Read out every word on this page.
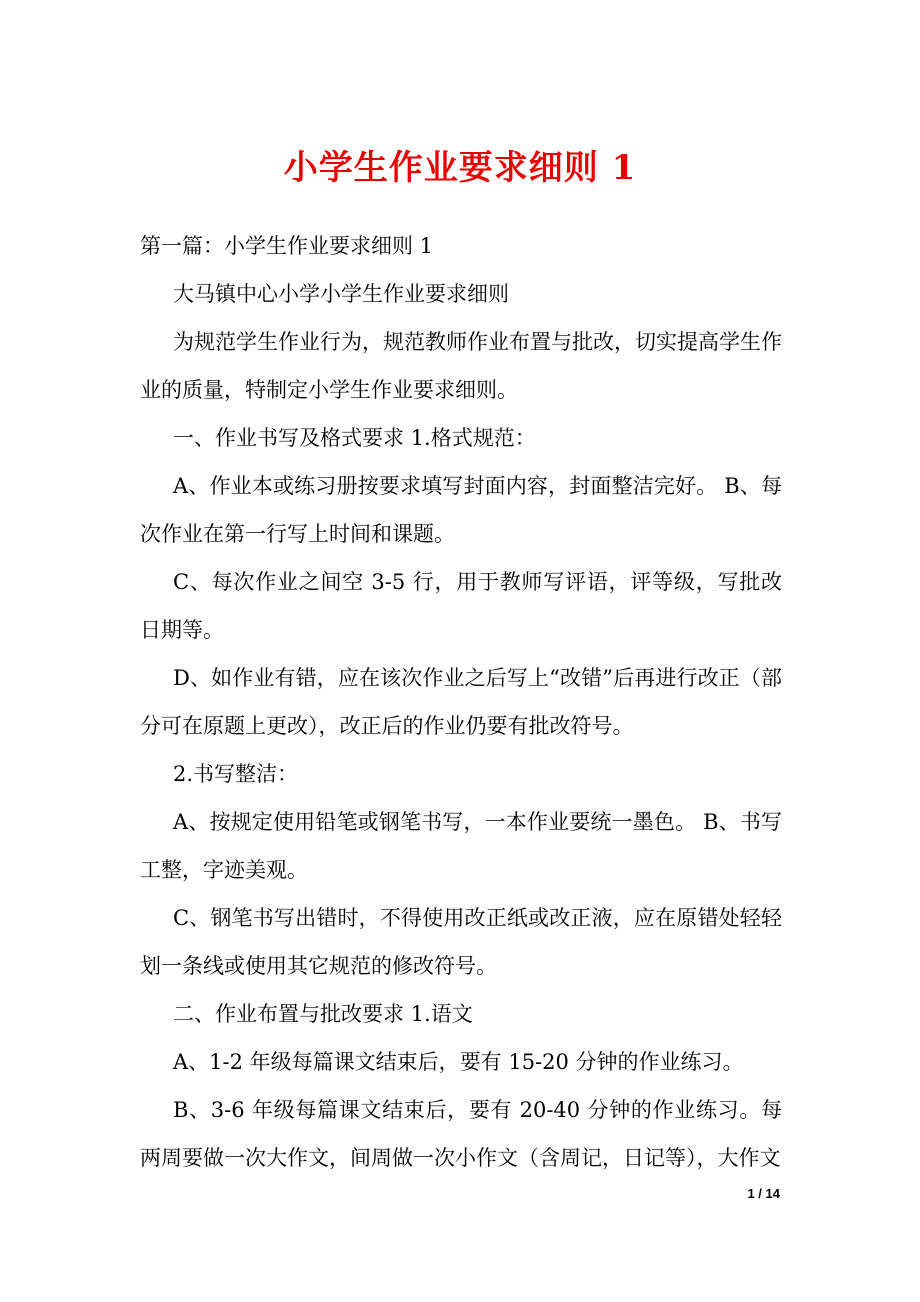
小学生作业要求细则 1

第一篇：小学生作业要求细则 1

大马镇中心小学小学生作业要求细则

为规范学生作业行为，规范教师作业布置与批改，切实提高学生作业的质量，特制定小学生作业要求细则。

一、作业书写及格式要求 1.格式规范：

A、作业本或练习册按要求填写封面内容，封面整洁完好。 B、每次作业在第一行写上时间和课题。

C、每次作业之间空 3-5 行，用于教师写评语，评等级，写批改日期等。

D、如作业有错，应在该次作业之后写上“改错”后再进行改正（部分可在原题上更改），改正后的作业仍要有批改符号。

2.书写整洁：

A、按规定使用铅笔或钢笔书写，一本作业要统一墨色。 B、书写工整，字迹美观。

C、钢笔书写出错时，不得使用改正纸或改正液，应在原错处轻轻划一条线或使用其它规范的修改符号。

二、作业布置与批改要求 1.语文

A、1-2 年级每篇课文结束后，要有 15-20 分钟的作业练习。

B、3-6 年级每篇课文结束后，要有 20-40 分钟的作业练习。每两周要做一次大作文，间周做一次小作文（含周记，日记等），大作文

1 / 14
